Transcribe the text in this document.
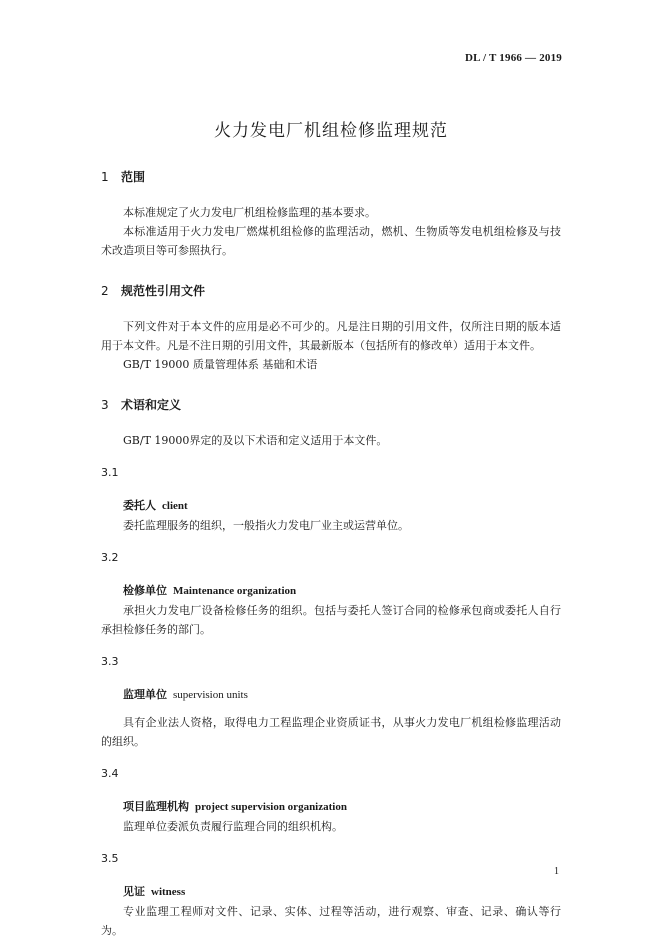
DL / T 1966 — 2019
火力发电厂机组检修监理规范
1 范围

本标准规定了火力发电厂机组检修监理的基本要求。

本标准适用于火力发电厂燃煤机组检修的监理活动，燃机、生物质等发电机组检修及与技术改造项目等可参照执行。

2 规范性引用文件

下列文件对于本文件的应用是必不可少的。凡是注日期的引用文件，仅所注日期的版本适用于本文件。凡是不注日期的引用文件，其最新版本（包括所有的修改单）适用于本文件。

GB/T 19000 质量管理体系 基础和术语

3 术语和定义

GB/T 19000界定的及以下术语和定义适用于本文件。

3.1

委托人 client

委托监理服务的组织，一般指火力发电厂业主或运营单位。

3.2

检修单位 Maintenance organization

承担火力发电厂设备检修任务的组织。包括与委托人签订合同的检修承包商或委托人自行承担检修任务的部门。

3.3

监理单位 supervision units

具有企业法人资格，取得电力工程监理企业资质证书，从事火力发电厂机组检修监理活动的组织。

3.4

项目监理机构 project supervision organization

监理单位委派负责履行监理合同的组织机构。

3.5

见证 witness

专业监理工程师对文件、记录、实体、过程等活动，进行观察、审查、记录、确认等行为。

1
